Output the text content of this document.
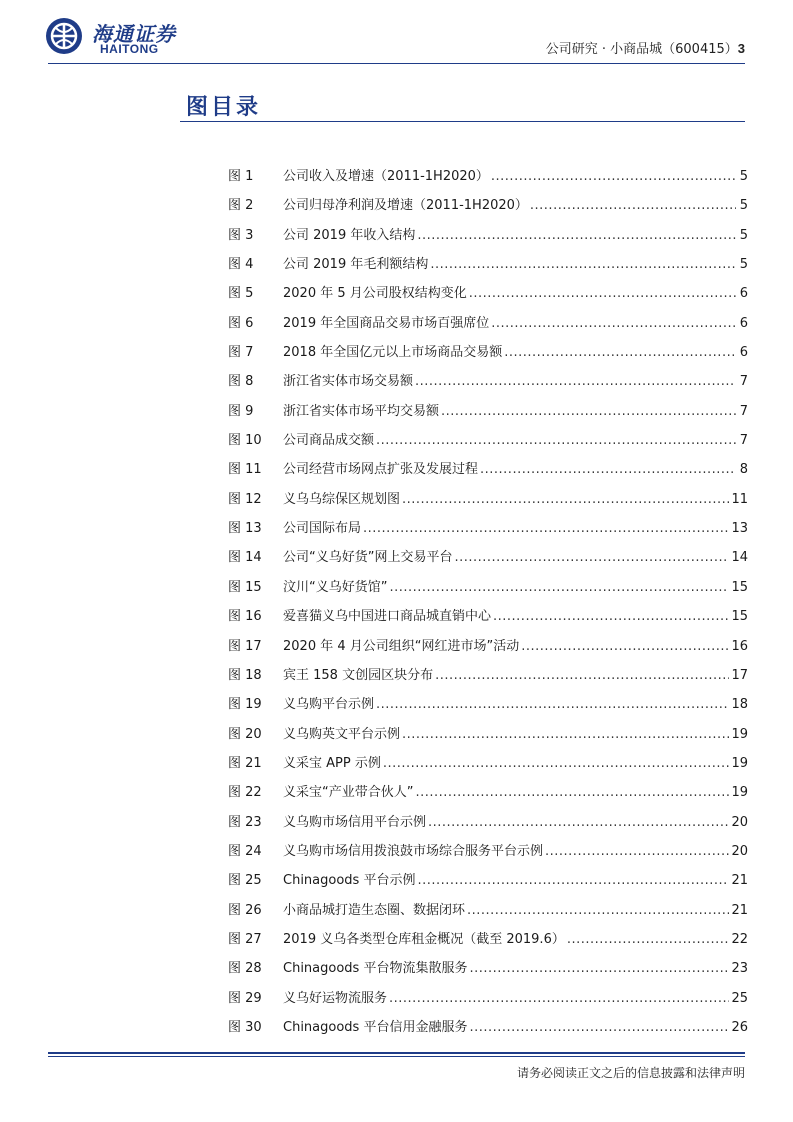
海通证券
HAITONG	公司研究 · 小商品城（600415）3
图目录
图 1	公司收入及增速（2011-1H2020） .....	5
图 2	公司归母净利润及增速（2011-1H2020） .....	5
图 3	公司 2019 年收入结构 .....	5
图 4	公司 2019 年毛利额结构 .....	5
图 5	2020 年 5 月公司股权结构变化 .....	6
图 6	2019 年全国商品交易市场百强席位 .....	6
图 7	2018 年全国亿元以上市场商品交易额 .....	6
图 8	浙江省实体市场交易额 .....	7
图 9	浙江省实体市场平均交易额 .....	7
图 10	公司商品成交额 .....	7
图 11	公司经营市场网点扩张及发展过程 .....	8
图 12	义乌乌综保区规划图 .....	11
图 13	公司国际布局 .....	13
图 14	公司“义乌好货”网上交易平台 .....	14
图 15	汶川“义乌好货馆” .....	15
图 16	爱喜猫义乌中国进口商品城直销中心 .....	15
图 17	2020 年 4 月公司组织“网红进市场”活动 .....	16
图 18	宾王 158 文创园区块分布 .....	17
图 19	义乌购平台示例 .....	18
图 20	义乌购英文平台示例 .....	19
图 21	义采宝 APP 示例 .....	19
图 22	义采宝“产业带合伙人” .....	19
图 23	义乌购市场信用平台示例 .....	20
图 24	义乌购市场信用拨浪鼓市场综合服务平台示例 .....	20
图 25	Chinagoods 平台示例 .....	21
图 26	小商品城打造生态圈、数据闭环 .....	21
图 27	2019 义乌各类型仓库租金概况（截至 2019.6） .....	22
图 28	Chinagoods 平台物流集散服务 .....	23
图 29	义乌好运物流服务 .....	25
图 30	Chinagoods 平台信用金融服务 .....	26
请务必阅读正文之后的信息披露和法律声明
